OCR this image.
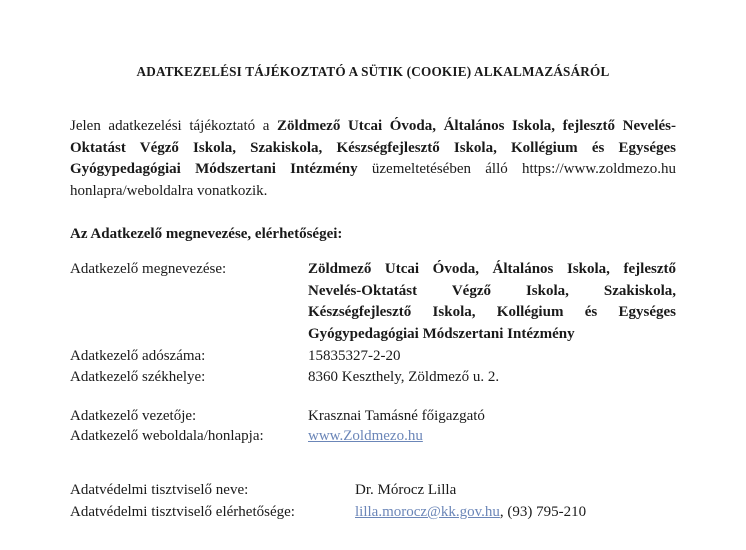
ADATKEZELÉSI TÁJÉKOZTATÓ A SÜTIK (COOKIE) ALKALMAZÁSÁRÓL
Jelen adatkezelési tájékoztató a Zöldmező Utcai Óvoda, Általános Iskola, fejlesztő Nevelés-Oktatást Végző Iskola, Szakiskola, Készségfejlesztő Iskola, Kollégium és Egységes Gyógypedagógiai Módszertani Intézmény üzemeltetésében álló https://www.zoldmezo.hu honlapra/weboldalra vonatkozik.
Az Adatkezelő megnevezése, elérhetőségei:
Adatkezelő megnevezése:	Zöldmező Utcai Óvoda, Általános Iskola, fejlesztő Nevelés-Oktatást Végző Iskola, Szakiskola, Készségfejlesztő Iskola, Kollégium és Egységes Gyógypedagógiai Módszertani Intézmény
Adatkezelő adószáma:	15835327-2-20
Adatkezelő székhelye:	8360 Keszthely, Zöldmező u. 2.
Adatkezelő vezetője:	Krasznai Tamásné főigazgató
Adatkezelő weboldala/honlapja:	www.Zoldmezo.hu
Adatvédelmi tisztviselő neve:	Dr. Mórocz Lilla
Adatvédelmi tisztviselő elérhetősége:	lilla.morocz@kk.gov.hu, (93) 795-210
